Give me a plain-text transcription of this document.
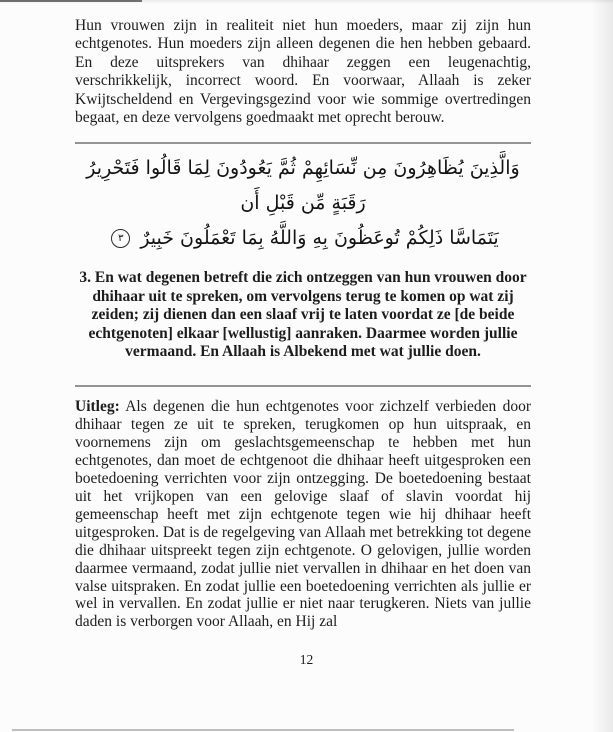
Hun vrouwen zijn in realiteit niet hun moeders, maar zij zijn hun echtgenotes. Hun moeders zijn alleen degenen die hen hebben gebaard. En deze uitsprekers van dhihaar zeggen een leugenachtig, verschrikkelijk, incorrect woord. En voorwaar, Allaah is zeker Kwijtscheldend en Vergevingsgezind voor wie sommige overtredingen begaat, en deze vervolgens goedmaakt met oprecht berouw.

وَالَّذِينَ يُظَاهِرُونَ مِن نِّسَائِهِمْ ثُمَّ يَعُودُونَ لِمَا قَالُوا فَتَحْرِيرُ رَقَبَةٍ مِّن قَبْلِ أَن
يَتَمَاسَّا ذَلِكُمْ تُوعَظُونَ بِهِ وَاللَّهُ بِمَا تَعْمَلُونَ خَبِيرٌ ٣

3. En wat degenen betreft die zich ontzeggen van hun vrouwen door dhihaar uit te spreken, om vervolgens terug te komen op wat zij zeiden; zij dienen dan een slaaf vrij te laten voordat ze [de beide echtgenoten] elkaar [wellustig] aanraken. Daarmee worden jullie vermaand. En Allaah is Albekend met wat jullie doen.

Uitleg: Als degenen die hun echtgenotes voor zichzelf verbieden door dhihaar tegen ze uit te spreken, terugkomen op hun uitspraak, en voornemens zijn om geslachtsgemeenschap te hebben met hun echtgenotes, dan moet de echtgenoot die dhihaar heeft uitgesproken een boetedoening verrichten voor zijn ontzegging. De boetedoening bestaat uit het vrijkopen van een gelovige slaaf of slavin voordat hij gemeenschap heeft met zijn echtgenote tegen wie hij dhihaar heeft uitgesproken. Dat is de regelgeving van Allaah met betrekking tot degene die dhihaar uitspreekt tegen zijn echtgenote. O gelovigen, jullie worden daarmee vermaand, zodat jullie niet vervallen in dhihaar en het doen van valse uitspraken. En zodat jullie een boetedoening verrichten als jullie er wel in vervallen. En zodat jullie er niet naar terugkeren. Niets van jullie daden is verborgen voor Allaah, en Hij zal

12
